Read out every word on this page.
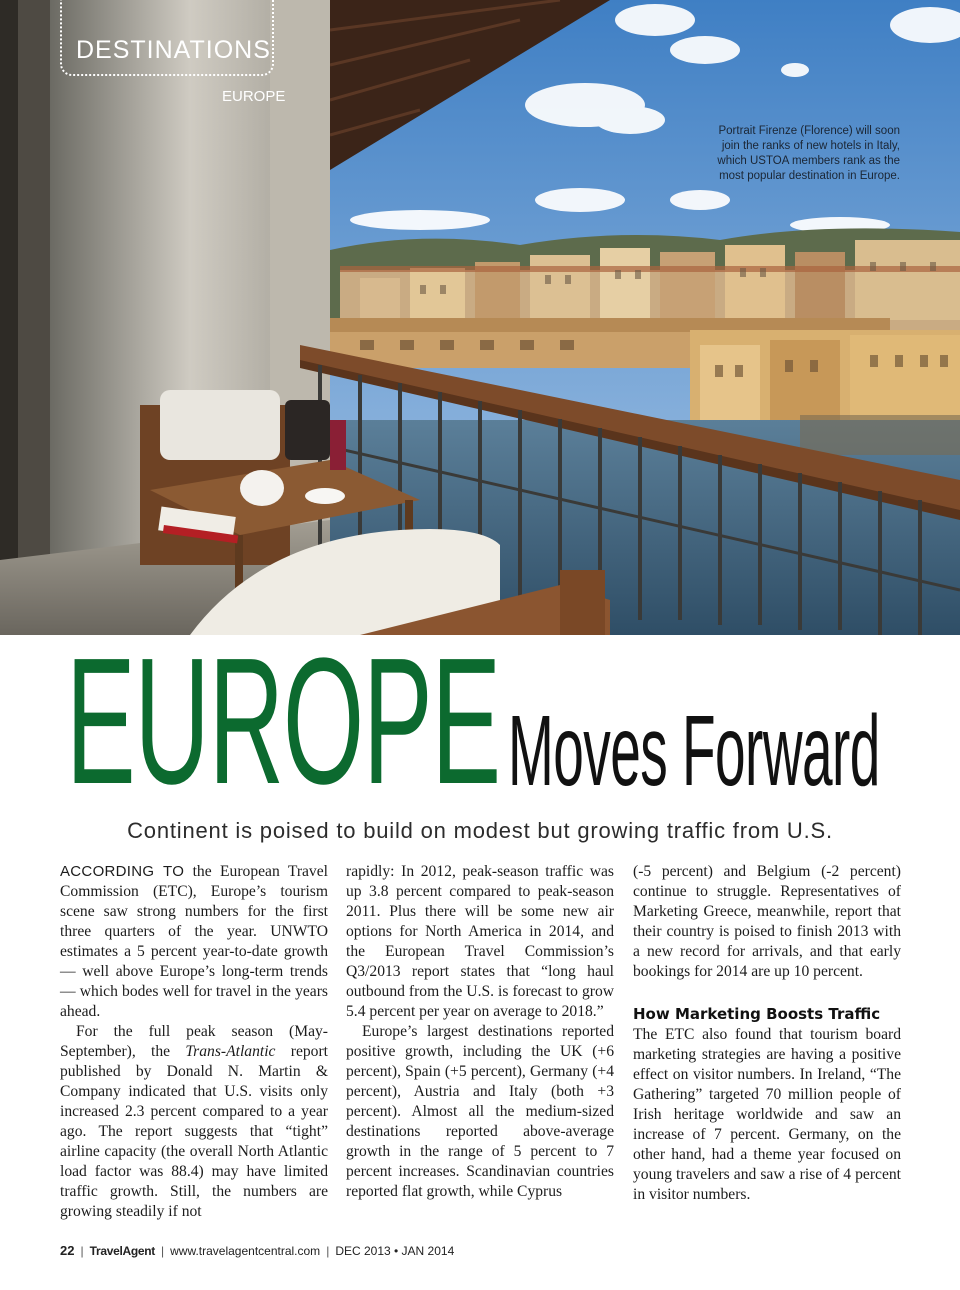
DESTINATIONS
EUROPE
Portrait Firenze (Florence) will soon join the ranks of new hotels in Italy, which USTOA members rank as the most popular destination in Europe.
EUROPE Moves Forward
Continent is poised to build on modest but growing traffic from U.S.

ACCORDING TO the European Travel Commission (ETC), Europe’s tourism scene saw strong numbers for the first three quarters of the year. UNWTO estimates a 5 percent year-to-date growth — well above Europe’s long-term trends — which bodes well for travel in the years ahead.

For the full peak season (May-September), the Trans-Atlantic report published by Donald N. Martin & Company indicated that U.S. visits only increased 2.3 percent compared to a year ago. The report suggests that “tight” airline capacity (the overall North Atlantic load factor was 88.4) may have limited traffic growth. Still, the numbers are growing steadily if not

rapidly: In 2012, peak-season traffic was up 3.8 percent compared to peak-season 2011. Plus there will be some new air options for North America in 2014, and the European Travel Commission’s Q3/2013 report states that “long haul outbound from the U.S. is forecast to grow 5.4 percent per year on average to 2018.”

Europe’s largest destinations reported positive growth, including the UK (+6 percent), Spain (+5 percent), Germany (+4 percent), Austria and Italy (both +3 percent). Almost all the medium-sized destinations reported above-average growth in the range of 5 percent to 7 percent increases. Scandinavian countries reported flat growth, while Cyprus

(-5 percent) and Belgium (-2 percent) continue to struggle. Representatives of Marketing Greece, meanwhile, report that their country is poised to finish 2013 with a new record for arrivals, and that early bookings for 2014 are up 10 percent.

How Marketing Boosts Traffic

The ETC also found that tourism board marketing strategies are having a positive effect on visitor numbers. In Ireland, “The Gathering” targeted 70 million people of Irish heritage worldwide and saw an increase of 7 percent. Germany, on the other hand, had a theme year focused on young travelers and saw a rise of 4 percent in visitor numbers.

22 | TravelAgent | www.travelagentcentral.com | DEC 2013 • JAN 2014
